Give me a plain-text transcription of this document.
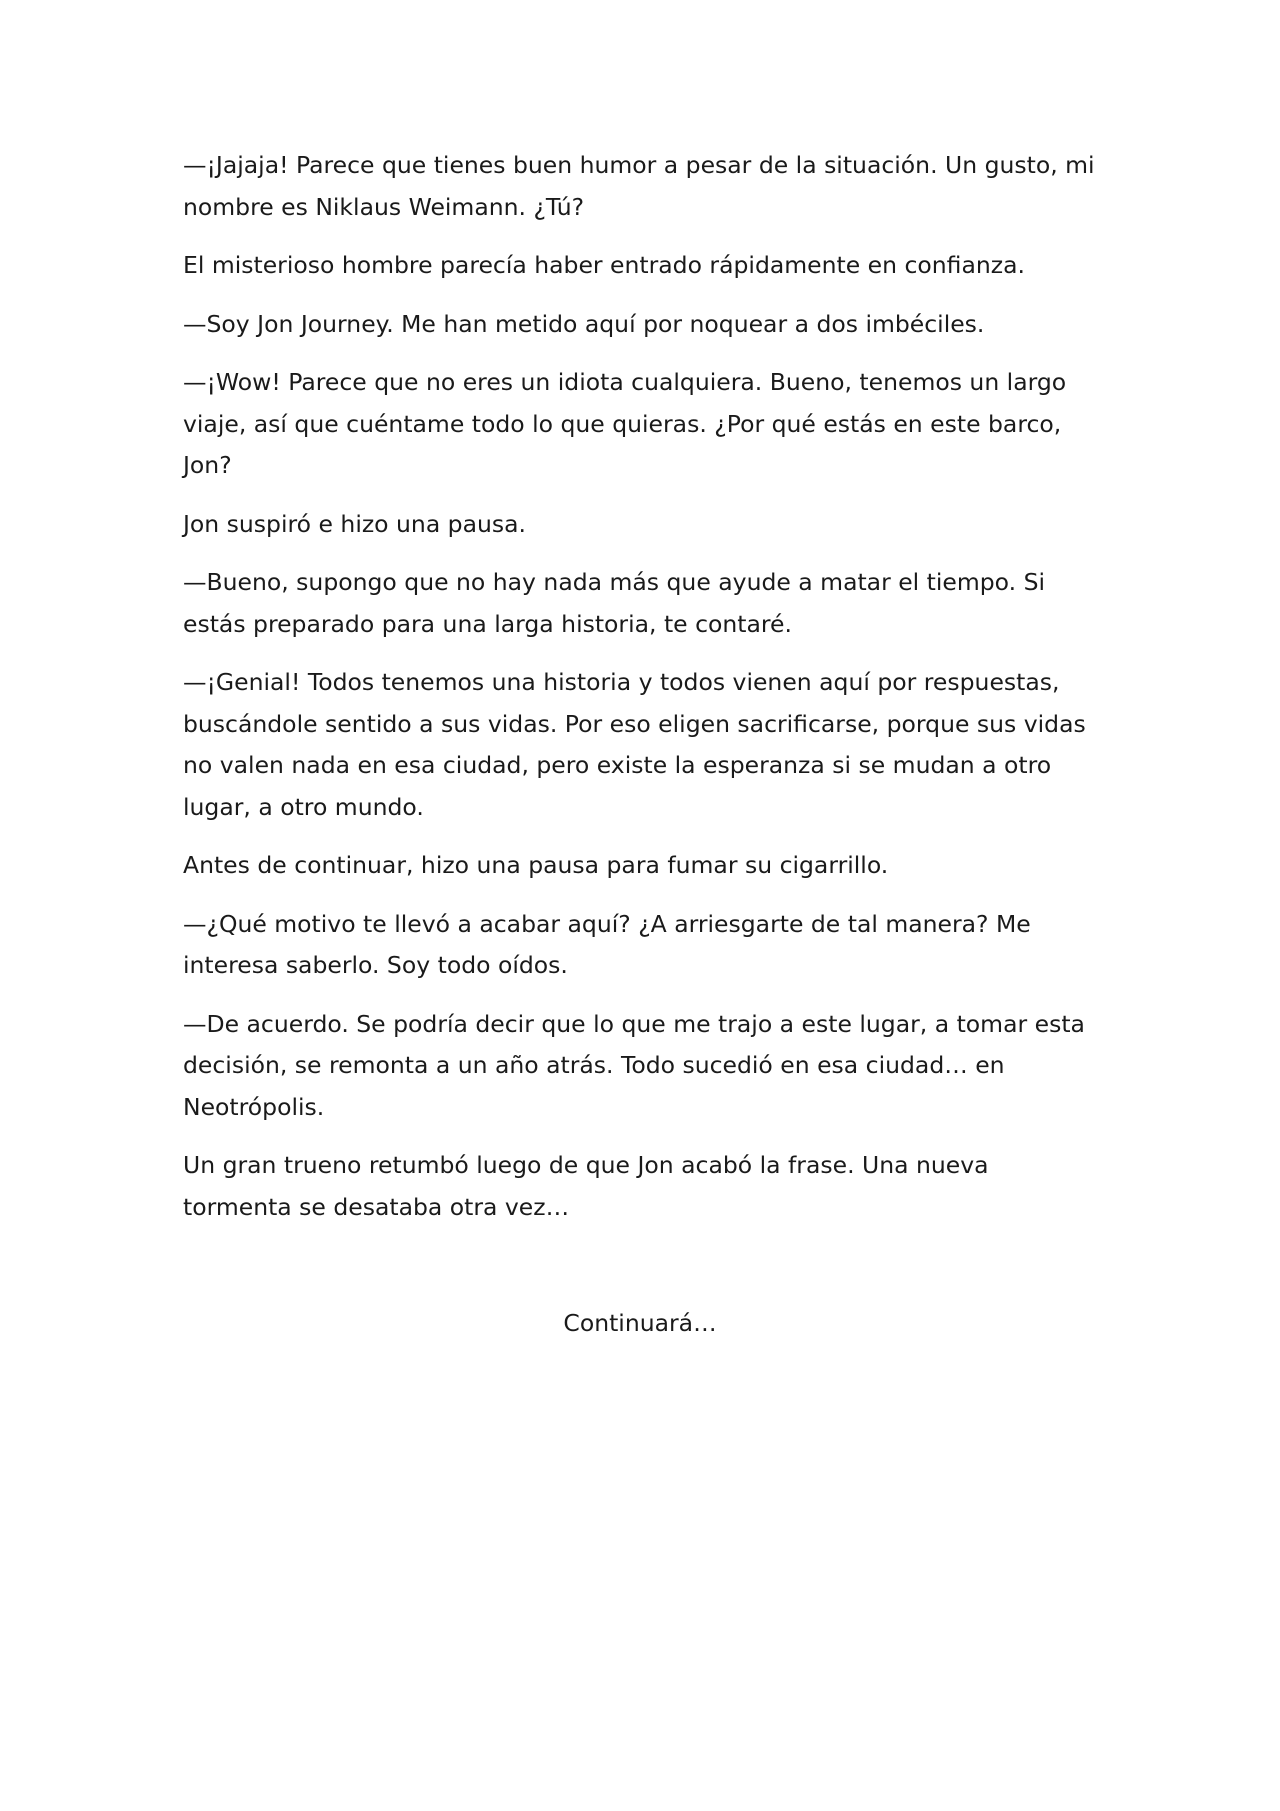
—¡Jajaja! Parece que tienes buen humor a pesar de la situación. Un gusto, mi nombre es Niklaus Weimann. ¿Tú?

El misterioso hombre parecía haber entrado rápidamente en confianza.

—Soy Jon Journey. Me han metido aquí por noquear a dos imbéciles.

—¡Wow! Parece que no eres un idiota cualquiera. Bueno, tenemos un largo viaje, así que cuéntame todo lo que quieras. ¿Por qué estás en este barco, Jon?

Jon suspiró e hizo una pausa.

—Bueno, supongo que no hay nada más que ayude a matar el tiempo. Si estás preparado para una larga historia, te contaré.

—¡Genial! Todos tenemos una historia y todos vienen aquí por respuestas, buscándole sentido a sus vidas. Por eso eligen sacrificarse, porque sus vidas no valen nada en esa ciudad, pero existe la esperanza si se mudan a otro lugar, a otro mundo.

Antes de continuar, hizo una pausa para fumar su cigarrillo.

—¿Qué motivo te llevó a acabar aquí? ¿A arriesgarte de tal manera? Me interesa saberlo. Soy todo oídos.

—De acuerdo. Se podría decir que lo que me trajo a este lugar, a tomar esta decisión, se remonta a un año atrás. Todo sucedió en esa ciudad… en Neotrópolis.

Un gran trueno retumbó luego de que Jon acabó la frase. Una nueva tormenta se desataba otra vez…

Continuará…
